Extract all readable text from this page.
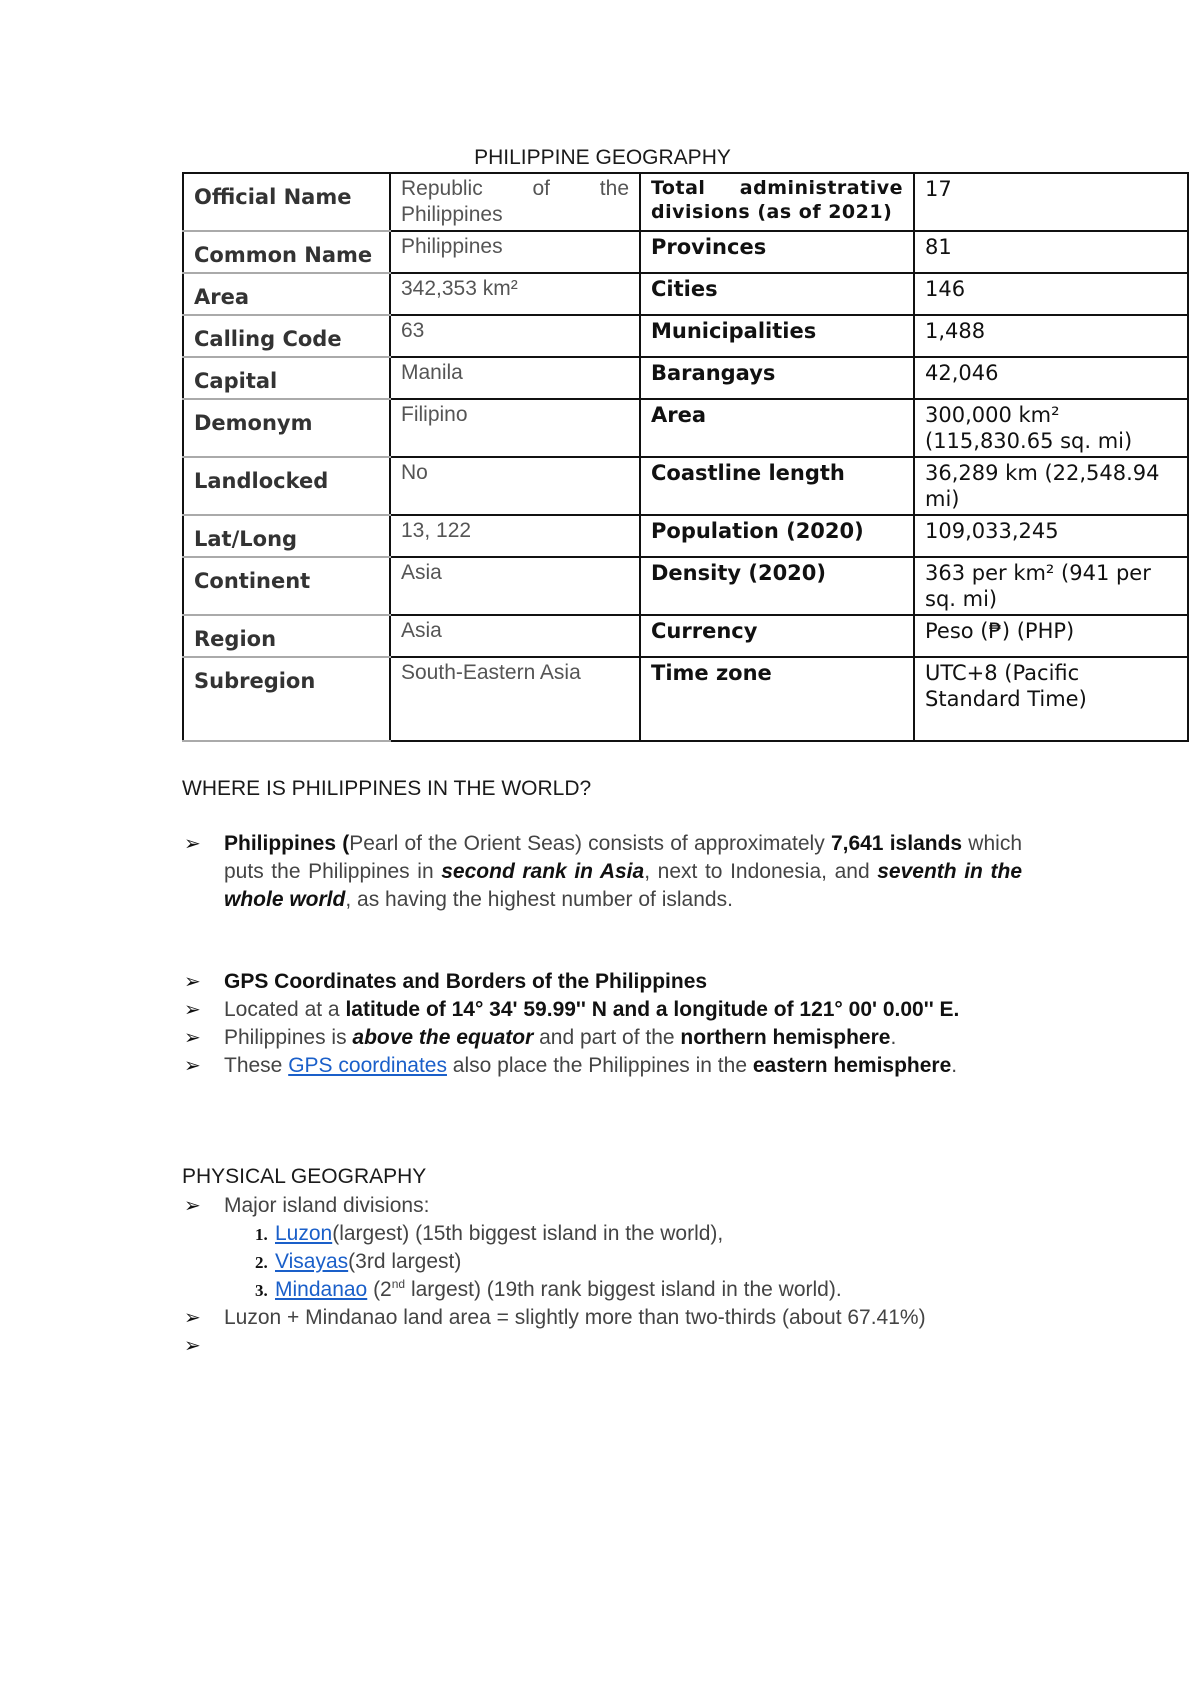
PHILIPPINE GEOGRAPHY
Official Name	Republic of the Philippines	Total administrative divisions (as of 2021)	17
Common Name	Philippines	Provinces	81
Area	342,353 km²	Cities	146
Calling Code	63	Municipalities	1,488
Capital	Manila	Barangays	42,046
Demonym	Filipino	Area	300,000 km² (115,830.65 sq. mi)
Landlocked	No	Coastline length	36,289 km (22,548.94 mi)
Lat/Long	13, 122	Population (2020)	109,033,245
Continent	Asia	Density (2020)	363 per km² (941 per sq. mi)
Region	Asia	Currency	Peso (₱) (PHP)
Subregion	South-Eastern Asia	Time zone	UTC+8 (Pacific Standard Time)
WHERE IS PHILIPPINES IN THE WORLD?
➢ Philippines (Pearl of the Orient Seas) consists of approximately 7,641 islands which puts the Philippines in second rank in Asia, next to Indonesia, and seventh in the whole world, as having the highest number of islands.
➢ GPS Coordinates and Borders of the Philippines
➢ Located at a latitude of 14° 34' 59.99'' N and a longitude of 121° 00' 0.00'' E.
➢ Philippines is above the equator and part of the northern hemisphere.
➢ These GPS coordinates also place the Philippines in the eastern hemisphere.
PHYSICAL GEOGRAPHY
➢ Major island divisions:
1. Luzon(largest) (15th biggest island in the world),
2. Visayas(3rd largest)
3. Mindanao (2nd largest) (19th rank biggest island in the world).
➢ Luzon + Mindanao land area = slightly more than two-thirds (about 67.41%)
➢
